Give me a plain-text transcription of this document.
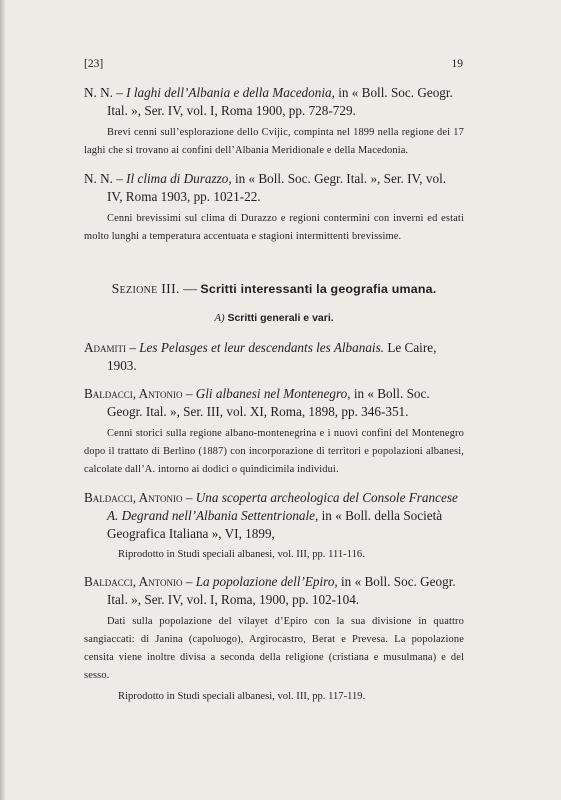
[23]	19

N. N. – I laghi dell’Albania e della Macedonia, in « Boll. Soc. Geogr. Ital. », Ser. IV, vol. I, Roma 1900, pp. 728-729.

Brevi cenni sull’esplorazione dello Cvijic, compinta nel 1899 nella regione dei 17 laghi che si trovano ai confini dell’Albania Meridionale e della Macedonia.

N. N. – Il clima di Durazzo, in « Boll. Soc. Gegr. Ital. », Ser. IV, vol. IV, Roma 1903, pp. 1021-22.

Cenni brevissimi sul clima di Durazzo e regioni contermini con inverni ed estati molto lunghi a temperatura accentuata e stagioni intermittenti brevissime.

Sezione III. — Scritti interessanti la geografia umana.

A) Scritti generali e vari.

Adamiti – Les Pelasges et leur descendants les Albanais. Le Caire, 1903.

Baldacci, Antonio – Gli albanesi nel Montenegro, in « Boll. Soc. Geogr. Ital. », Ser. III, vol. XI, Roma, 1898, pp. 346-351.

Cenni storici sulla regione albano-montenegrina e i nuovi confini del Montenegro dopo il trattato di Berlino (1887) con incorporazione di territori e popolazioni albanesi, calcolate dall’A. intorno ai dodici o quindicimila individui.

Baldacci, Antonio – Una scoperta archeologica del Console Francese A. Degrand nell’Albania Settentrionale, in « Boll. della Società Geografica Italiana », VI, 1899,

Riprodotto in Studi speciali albanesi, vol. III, pp. 111-116.

Baldacci, Antonio – La popolazione dell’Epiro, in « Boll. Soc. Geogr. Ital. », Ser. IV, vol. I, Roma, 1900, pp. 102-104.

Dati sulla popolazione del vilayet d’Epiro con la sua divisione in quattro sangiaccati: di Janina (capoluogo), Argirocastro, Berat e Prevesa. La popolazione censita viene inoltre divisa a seconda della religione (cristiana e musulmana) e del sesso.

Riprodotto in Studi speciali albanesi, vol. III, pp. 117-119.
